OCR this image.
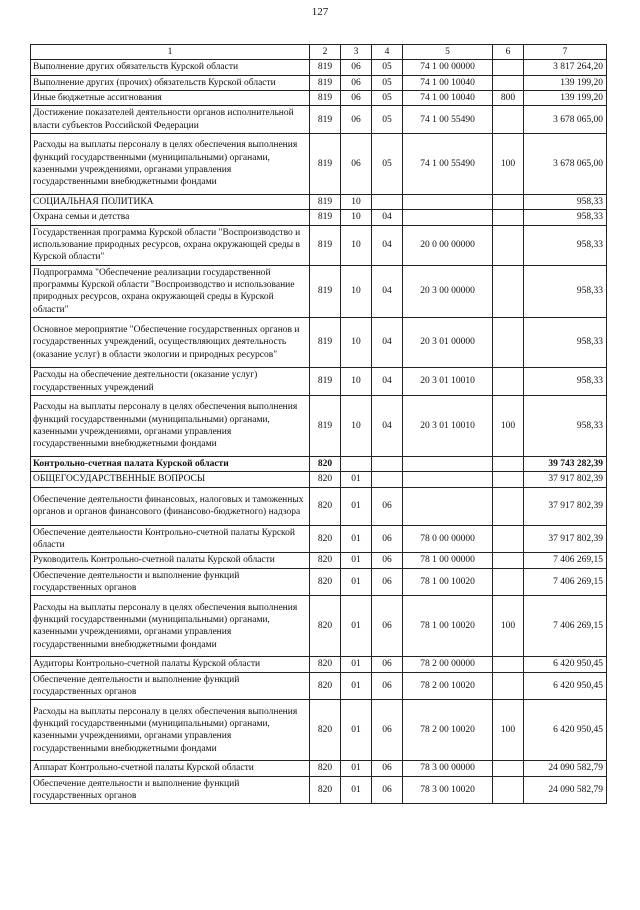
127
1	2	3	4	5	6	7
Выполнение других обязательств Курской области	819	06	05	74 1 00 00000		3 817 264,20
Выполнение других (прочих) обязательств Курской области	819	06	05	74 1 00 10040		139 199,20
Иные бюджетные ассигнования	819	06	05	74 1 00 10040	800	139 199,20
Достижение показателей деятельности органов исполнительной власти субъектов Российской Федерации	819	06	05	74 1 00 55490		3 678 065,00
Расходы на выплаты персоналу в целях обеспечения выполнения функций государственными (муниципальными) органами, казенными учреждениями, органами управления государственными внебюджетными фондами	819	06	05	74 1 00 55490	100	3 678 065,00
СОЦИАЛЬНАЯ ПОЛИТИКА	819	10				958,33
Охрана семьи и детства	819	10	04			958,33
Государственная программа Курской области "Воспроизводство и использование природных ресурсов, охрана окружающей среды в Курской области"	819	10	04	20 0 00 00000		958,33
Подпрограмма "Обеспечение реализации государственной программы Курской области "Воспроизводство и использование природных ресурсов, охрана окружающей среды в Курской области"	819	10	04	20 3 00 00000		958,33
Основное мероприятие "Обеспечение государственных органов и государственных учреждений, осуществляющих деятельность (оказание услуг) в области экологии и природных ресурсов"	819	10	04	20 3 01 00000		958,33
Расходы на обеспечение деятельности (оказание услуг) государственных учреждений	819	10	04	20 3 01 10010		958,33
Расходы на выплаты персоналу в целях обеспечения выполнения функций государственными (муниципальными) органами, казенными учреждениями, органами управления государственными внебюджетными фондами	819	10	04	20 3 01 10010	100	958,33
Контрольно-счетная палата Курской области	820					39 743 282,39
ОБЩЕГОСУДАРСТВЕННЫЕ ВОПРОСЫ	820	01				37 917 802,39
Обеспечение деятельности финансовых, налоговых и таможенных органов и органов финансового (финансово-бюджетного) надзора	820	01	06			37 917 802,39
Обеспечение деятельности Контрольно-счетной палаты Курской области	820	01	06	78 0 00 00000		37 917 802,39
Руководитель Контрольно-счетной палаты Курской области	820	01	06	78 1 00 00000		7 406 269,15
Обеспечение деятельности и выполнение функций государственных органов	820	01	06	78 1 00 10020		7 406 269,15
Расходы на выплаты персоналу в целях обеспечения выполнения функций государственными (муниципальными) органами, казенными учреждениями, органами управления государственными внебюджетными фондами	820	01	06	78 1 00 10020	100	7 406 269,15
Аудиторы Контрольно-счетной палаты Курской области	820	01	06	78 2 00 00000		6 420 950,45
Обеспечение деятельности и выполнение функций государственных органов	820	01	06	78 2 00 10020		6 420 950,45
Расходы на выплаты персоналу в целях обеспечения выполнения функций государственными (муниципальными) органами, казенными учреждениями, органами управления государственными внебюджетными фондами	820	01	06	78 2 00 10020	100	6 420 950,45
Аппарат Контрольно-счетной палаты Курской области	820	01	06	78 3 00 00000		24 090 582,79
Обеспечение деятельности и выполнение функций государственных органов	820	01	06	78 3 00 10020		24 090 582,79
